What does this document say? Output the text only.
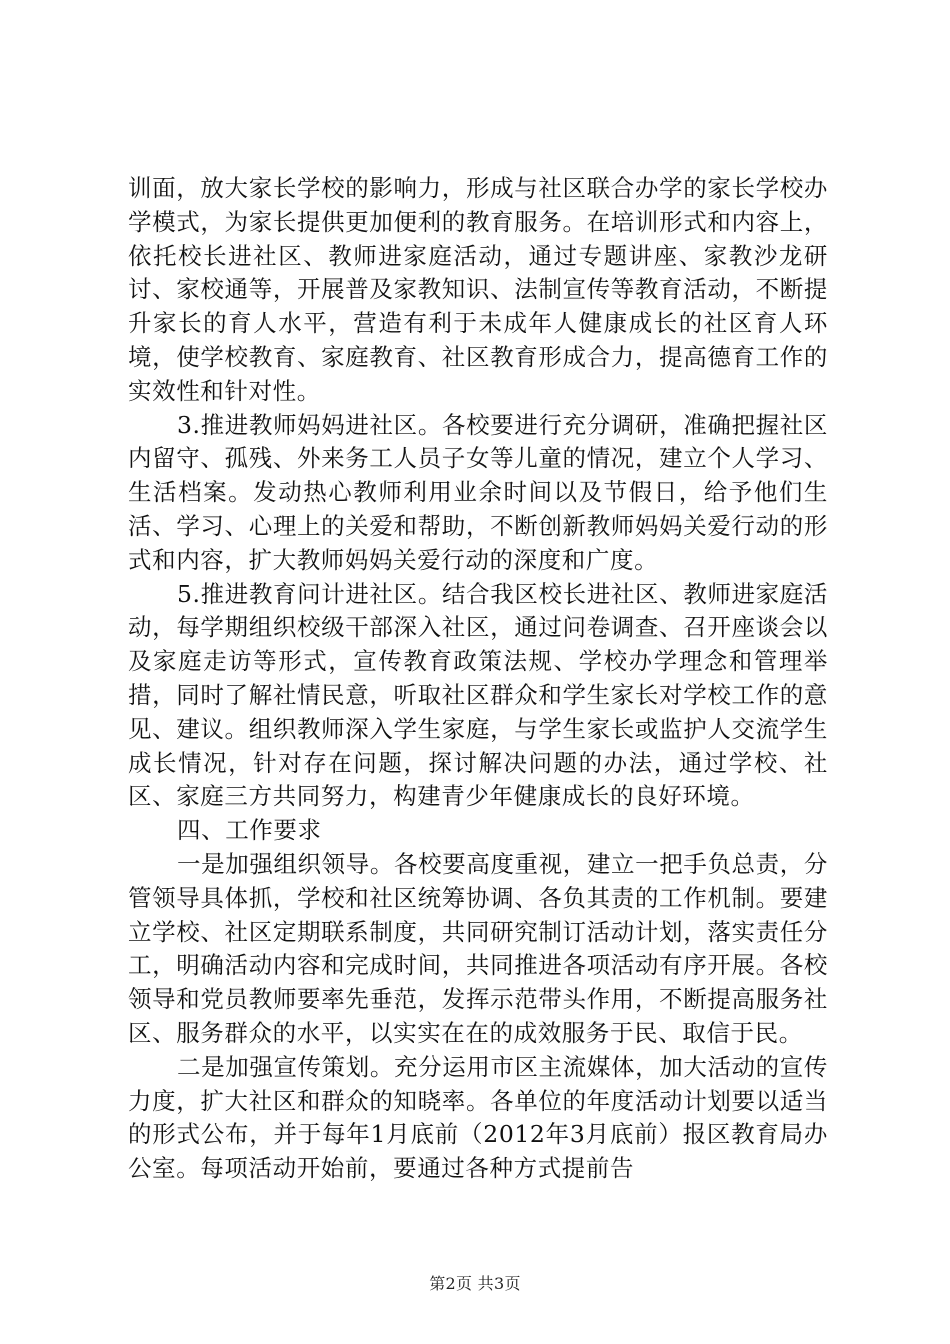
训面，放大家长学校的影响力，形成与社区联合办学的家长学校办学模式，为家长提供更加便利的教育服务。在培训形式和内容上，依托校长进社区、教师进家庭活动，通过专题讲座、家教沙龙研讨、家校通等，开展普及家教知识、法制宣传等教育活动，不断提升家长的育人水平，营造有利于未成年人健康成长的社区育人环境，使学校教育、家庭教育、社区教育形成合力，提高德育工作的实效性和针对性。

3.推进教师妈妈进社区。各校要进行充分调研，准确把握社区内留守、孤残、外来务工人员子女等儿童的情况，建立个人学习、生活档案。发动热心教师利用业余时间以及节假日，给予他们生活、学习、心理上的关爱和帮助，不断创新教师妈妈关爱行动的形式和内容，扩大教师妈妈关爱行动的深度和广度。

5.推进教育问计进社区。结合我区校长进社区、教师进家庭活动，每学期组织校级干部深入社区，通过问卷调查、召开座谈会以及家庭走访等形式，宣传教育政策法规、学校办学理念和管理举措，同时了解社情民意，听取社区群众和学生家长对学校工作的意见、建议。组织教师深入学生家庭，与学生家长或监护人交流学生成长情况，针对存在问题，探讨解决问题的办法，通过学校、社区、家庭三方共同努力，构建青少年健康成长的良好环境。

四、工作要求

一是加强组织领导。各校要高度重视，建立一把手负总责，分管领导具体抓，学校和社区统筹协调、各负其责的工作机制。要建立学校、社区定期联系制度，共同研究制订活动计划，落实责任分工，明确活动内容和完成时间，共同推进各项活动有序开展。各校领导和党员教师要率先垂范，发挥示范带头作用，不断提高服务社区、服务群众的水平，以实实在在的成效服务于民、取信于民。

二是加强宣传策划。充分运用市区主流媒体，加大活动的宣传力度，扩大社区和群众的知晓率。各单位的年度活动计划要以适当的形式公布，并于每年1月底前（2012年3月底前）报区教育局办公室。每项活动开始前，要通过各种方式提前告

第2页 共3页
